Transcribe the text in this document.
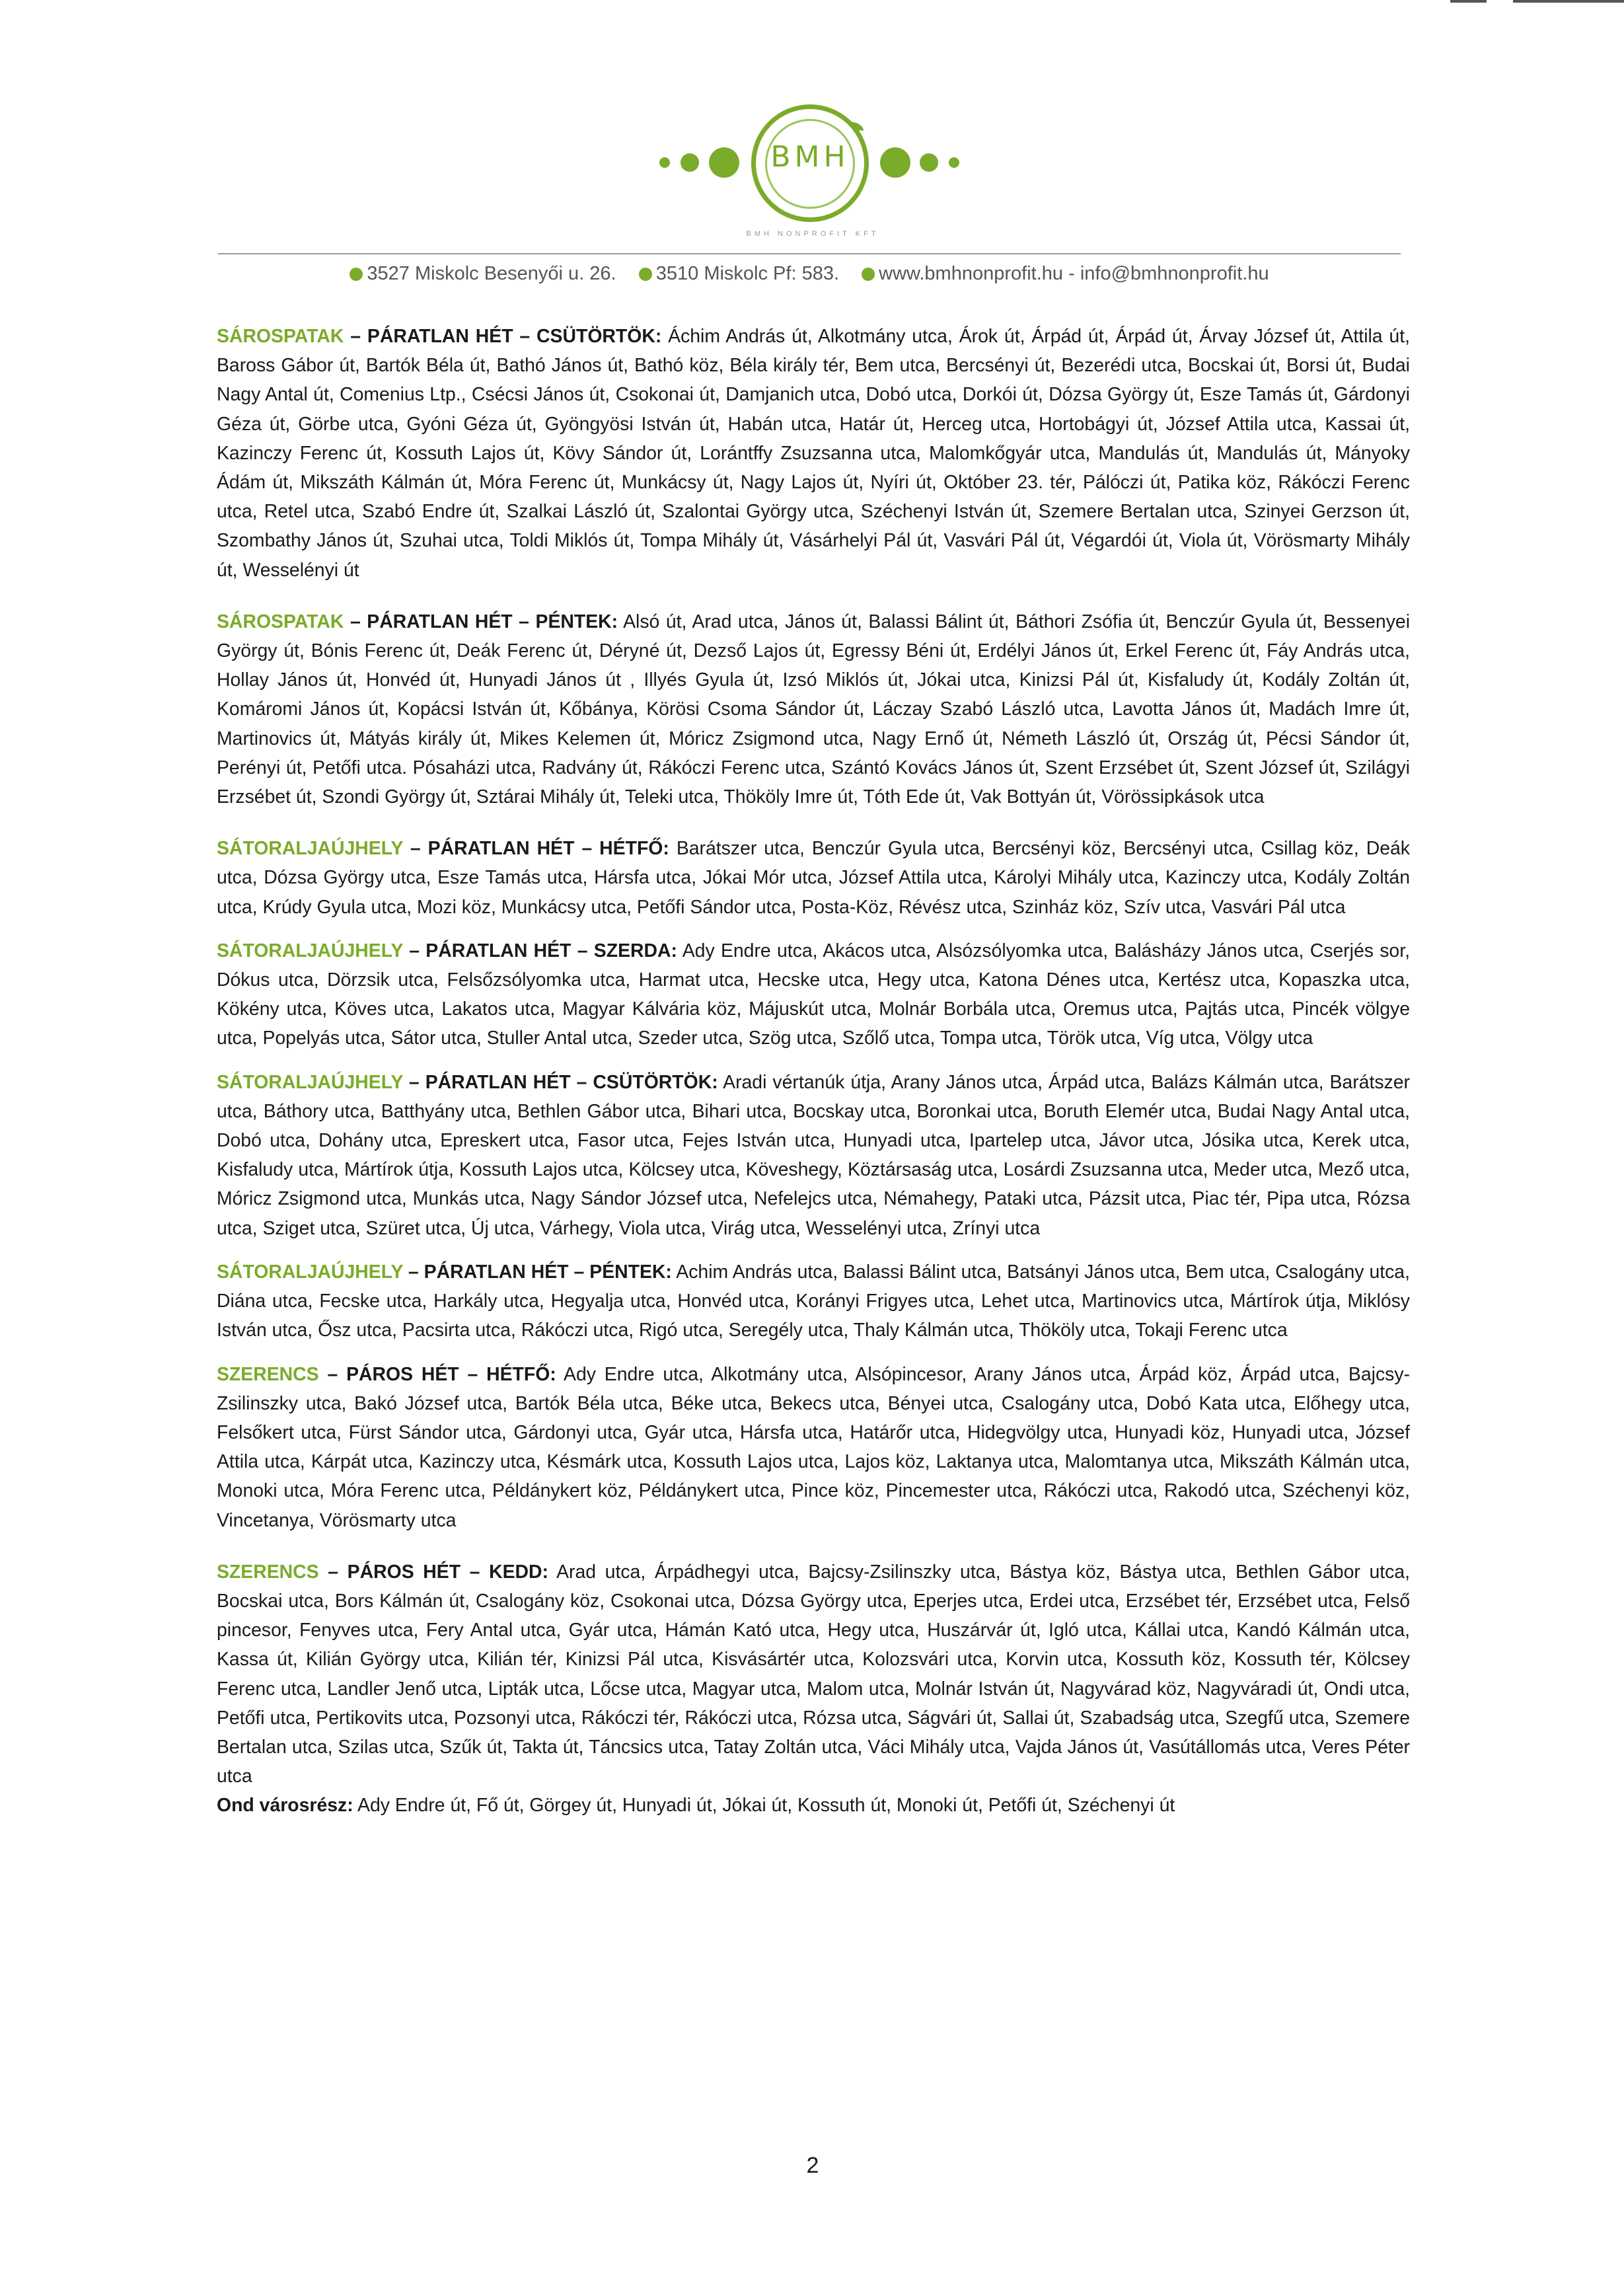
BMH
BMH NONPROFIT KFT
3527 Miskolc Besenyői u. 26. 3510 Miskolc Pf: 583. www.bmhnonprofit.hu - info@bmhnonprofit.hu

SÁROSPATAK – PÁRATLAN HÉT – CSÜTÖRTÖK: Áchim András út, Alkotmány utca, Árok út, Árpád út, Árpád út, Árvay József út, Attila út, Baross Gábor út, Bartók Béla út, Bathó János út, Bathó köz, Béla király tér, Bem utca, Bercsényi út, Bezerédi utca, Bocskai út, Borsi út, Budai Nagy Antal út, Comenius Ltp., Csécsi János út, Csokonai út, Damjanich utca, Dobó utca, Dorkói út, Dózsa György út, Esze Tamás út, Gárdonyi Géza út, Görbe utca, Gyóni Géza út, Gyöngyösi István út, Habán utca, Határ út, Herceg utca, Hortobágyi út, József Attila utca, Kassai út, Kazinczy Ferenc út, Kossuth Lajos út, Kövy Sándor út, Lorántffy Zsuzsanna utca, Malomkőgyár utca, Mandulás út, Mandulás út, Mányoky Ádám út, Mikszáth Kálmán út, Móra Ferenc út, Munkácsy út, Nagy Lajos út, Nyíri út, Október 23. tér, Pálóczi út, Patika köz, Rákóczi Ferenc utca, Retel utca, Szabó Endre út, Szalkai László út, Szalontai György utca, Széchenyi István út, Szemere Bertalan utca, Szinyei Gerzson út, Szombathy János út, Szuhai utca, Toldi Miklós út, Tompa Mihály út, Vásárhelyi Pál út, Vasvári Pál út, Végardói út, Viola út, Vörösmarty Mihály út, Wesselényi út

SÁROSPATAK – PÁRATLAN HÉT – PÉNTEK: Alsó út, Arad utca, János út, Balassi Bálint út, Báthori Zsófia út, Benczúr Gyula út, Bessenyei György út, Bónis Ferenc út, Deák Ferenc út, Déryné út, Dezső Lajos út, Egressy Béni út, Erdélyi János út, Erkel Ferenc út, Fáy András utca, Hollay János út, Honvéd út, Hunyadi János út , Illyés Gyula út, Izsó Miklós út, Jókai utca, Kinizsi Pál út, Kisfaludy út, Kodály Zoltán út, Komáromi János út, Kopácsi István út, Kőbánya, Körösi Csoma Sándor út, Láczay Szabó László utca, Lavotta János út, Madách Imre út, Martinovics út, Mátyás király út, Mikes Kelemen út, Móricz Zsigmond utca, Nagy Ernő út, Németh László út, Ország út, Pécsi Sándor út, Perényi út, Petőfi utca. Pósaházi utca, Radvány út, Rákóczi Ferenc utca, Szántó Kovács János út, Szent Erzsébet út, Szent József út, Szilágyi Erzsébet út, Szondi György út, Sztárai Mihály út, Teleki utca, Thököly Imre út, Tóth Ede út, Vak Bottyán út, Vörössipkások utca

SÁTORALJAÚJHELY – PÁRATLAN HÉT – HÉTFŐ: Barátszer utca, Benczúr Gyula utca, Bercsényi köz, Bercsényi utca, Csillag köz, Deák utca, Dózsa György utca, Esze Tamás utca, Hársfa utca, Jókai Mór utca, József Attila utca, Károlyi Mihály utca, Kazinczy utca, Kodály Zoltán utca, Krúdy Gyula utca, Mozi köz, Munkácsy utca, Petőfi Sándor utca, Posta-Köz, Révész utca, Szinház köz, Szív utca, Vasvári Pál utca

SÁTORALJAÚJHELY – PÁRATLAN HÉT – SZERDA: Ady Endre utca, Akácos utca, Alsózsólyomka utca, Balásházy János utca, Cserjés sor, Dókus utca, Dörzsik utca, Felsőzsólyomka utca, Harmat utca, Hecske utca, Hegy utca, Katona Dénes utca, Kertész utca, Kopaszka utca, Kökény utca, Köves utca, Lakatos utca, Magyar Kálvária köz, Májuskút utca, Molnár Borbála utca, Oremus utca, Pajtás utca, Pincék völgye utca, Popelyás utca, Sátor utca, Stuller Antal utca, Szeder utca, Szög utca, Szőlő utca, Tompa utca, Török utca, Víg utca, Völgy utca

SÁTORALJAÚJHELY – PÁRATLAN HÉT – CSÜTÖRTÖK: Aradi vértanúk útja, Arany János utca, Árpád utca, Balázs Kálmán utca, Barátszer utca, Báthory utca, Batthyány utca, Bethlen Gábor utca, Bihari utca, Bocskay utca, Boronkai utca, Boruth Elemér utca, Budai Nagy Antal utca, Dobó utca, Dohány utca, Epreskert utca, Fasor utca, Fejes István utca, Hunyadi utca, Ipartelep utca, Jávor utca, Jósika utca, Kerek utca, Kisfaludy utca, Mártírok útja, Kossuth Lajos utca, Kölcsey utca, Köveshegy, Köztársaság utca, Losárdi Zsuzsanna utca, Meder utca, Mező utca, Móricz Zsigmond utca, Munkás utca, Nagy Sándor József utca, Nefelejcs utca, Némahegy, Pataki utca, Pázsit utca, Piac tér, Pipa utca, Rózsa utca, Sziget utca, Szüret utca, Új utca, Várhegy, Viola utca, Virág utca, Wesselényi utca, Zrínyi utca

SÁTORALJAÚJHELY – PÁRATLAN HÉT – PÉNTEK: Achim András utca, Balassi Bálint utca, Batsányi János utca, Bem utca, Csalogány utca, Diána utca, Fecske utca, Harkály utca, Hegyalja utca, Honvéd utca, Korányi Frigyes utca, Lehet utca, Martinovics utca, Mártírok útja, Miklósy István utca, Ősz utca, Pacsirta utca, Rákóczi utca, Rigó utca, Seregély utca, Thaly Kálmán utca, Thököly utca, Tokaji Ferenc utca

SZERENCS – PÁROS HÉT – HÉTFŐ: Ady Endre utca, Alkotmány utca, Alsópincesor, Arany János utca, Árpád köz, Árpád utca, Bajcsy-Zsilinszky utca, Bakó József utca, Bartók Béla utca, Béke utca, Bekecs utca, Bényei utca, Csalogány utca, Dobó Kata utca, Előhegy utca, Felsőkert utca, Fürst Sándor utca, Gárdonyi utca, Gyár utca, Hársfa utca, Határőr utca, Hidegvölgy utca, Hunyadi köz, Hunyadi utca, József Attila utca, Kárpát utca, Kazinczy utca, Késmárk utca, Kossuth Lajos utca, Lajos köz, Laktanya utca, Malomtanya utca, Mikszáth Kálmán utca, Monoki utca, Móra Ferenc utca, Példánykert köz, Példánykert utca, Pince köz, Pincemester utca, Rákóczi utca, Rakodó utca, Széchenyi köz, Vincetanya, Vörösmarty utca

SZERENCS – PÁROS HÉT – KEDD: Arad utca, Árpádhegyi utca, Bajcsy-Zsilinszky utca, Bástya köz, Bástya utca, Bethlen Gábor utca, Bocskai utca, Bors Kálmán út, Csalogány köz, Csokonai utca, Dózsa György utca, Eperjes utca, Erdei utca, Erzsébet tér, Erzsébet utca, Felső pincesor, Fenyves utca, Fery Antal utca, Gyár utca, Hámán Kató utca, Hegy utca, Huszárvár út, Igló utca, Kállai utca, Kandó Kálmán utca, Kassa út, Kilián György utca, Kilián tér, Kinizsi Pál utca, Kisvásártér utca, Kolozsvári utca, Korvin utca, Kossuth köz, Kossuth tér, Kölcsey Ferenc utca, Landler Jenő utca, Lipták utca, Lőcse utca, Magyar utca, Malom utca, Molnár István út, Nagyvárad köz, Nagyváradi út, Ondi utca, Petőfi utca, Pertikovits utca, Pozsonyi utca, Rákóczi tér, Rákóczi utca, Rózsa utca, Ságvári út, Sallai út, Szabadság utca, Szegfű utca, Szemere Bertalan utca, Szilas utca, Szűk út, Takta út, Táncsics utca, Tatay Zoltán utca, Váci Mihály utca, Vajda János út, Vasútállomás utca, Veres Péter utca

Ond városrész: Ady Endre út, Fő út, Görgey út, Hunyadi út, Jókai út, Kossuth út, Monoki út, Petőfi út, Széchenyi út

2
